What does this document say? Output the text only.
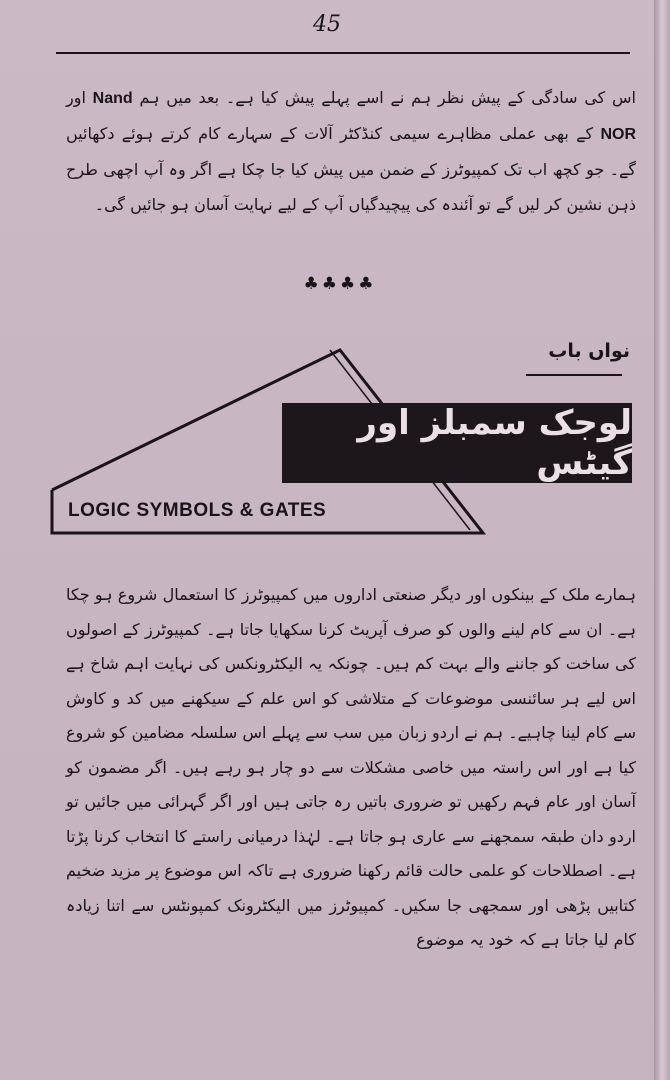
45
اس کی سادگی کے پیش نظر ہم نے اسے پہلے پیش کیا ہے۔ بعد میں ہم Nand اور NOR کے بھی عملی مظاہرے سیمی کنڈکٹر آلات کے سہارے کام کرتے ہوئے دکھائیں گے۔ جو کچھ اب تک کمپیوٹرز کے ضمن میں پیش کیا جا چکا ہے اگر وہ آپ اچھی طرح ذہن نشین کر لیں گے تو آئندہ کی پیچیدگیاں آپ کے لیے نہایت آسان ہو جائیں گی۔
♣♣♣♣
نواں باب
لوجک سمبلز اور گیٹس
LOGIC SYMBOLS & GATES
ہمارے ملک کے بینکوں اور دیگر صنعتی اداروں میں کمپیوٹرز کا استعمال شروع ہو چکا ہے۔ ان سے کام لینے والوں کو صرف آپریٹ کرنا سکھایا جاتا ہے۔ کمپیوٹرز کے اصولوں کی ساخت کو جاننے والے بہت کم ہیں۔ چونکہ یہ الیکٹرونکس کی نہایت اہم شاخ ہے اس لیے ہر سائنسی موضوعات کے متلاشی کو اس علم کے سیکھنے میں کد و کاوش سے کام لینا چاہیے۔ ہم نے اردو زبان میں سب سے پہلے اس سلسلہ مضامین کو شروع کیا ہے اور اس راستہ میں خاصی مشکلات سے دو چار ہو رہے ہیں۔ اگر مضمون کو آسان اور عام فہم رکھیں تو ضروری باتیں رہ جاتی ہیں اور اگر گہرائی میں جائیں تو اردو دان طبقہ سمجھنے سے عاری ہو جاتا ہے۔ لہٰذا درمیانی راستے کا انتخاب کرنا پڑتا ہے۔ اصطلاحات کو علمی حالت قائم رکھنا ضروری ہے تاکہ اس موضوع پر مزید ضخیم کتابیں پڑھی اور سمجھی جا سکیں۔ کمپیوٹرز میں الیکٹرونک کمپونٹس سے اتنا زیادہ کام لیا جاتا ہے کہ خود یہ موضوع
